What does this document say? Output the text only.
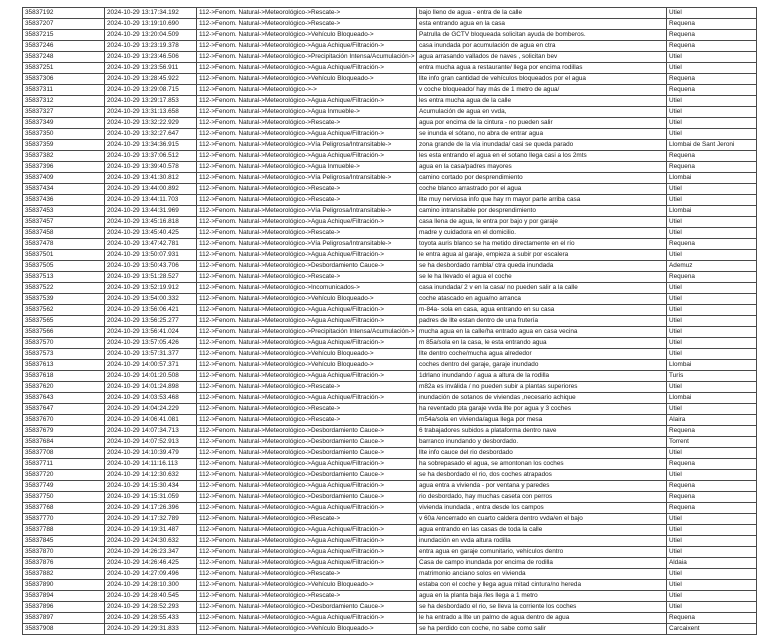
35837192	2024-10-29 13:17:34.192	112->Fenom. Natural->Meteorológico->Rescate->	bajo lleno de agua - entra de la calle	Utiel
35837207	2024-10-29 13:19:10.690	112->Fenom. Natural->Meteorológico->Rescate->	esta entrando agua en la casa	Requena
35837215	2024-10-29 13:20:04.509	112->Fenom. Natural->Meteorológico->Vehículo Bloqueado->	Patrulla de GCTV bloqueada solicitan ayuda de bomberos.	Requena
35837246	2024-10-29 13:23:19.378	112->Fenom. Natural->Meteorológico->Agua Achique/Filtración->	casa inundada por acumulación de agua en ctra	Requena
35837248	2024-10-29 13:23:46.506	112->Fenom. Natural->Meteorológico->Precipitación Intensa/Acumulación->	agua arrasando vallados de naves , solicitan bev	Utiel
35837251	2024-10-29 13:23:56.911	112->Fenom. Natural->Meteorológico->Agua Achique/Filtración->	entra mucha agua a restaurante/ llega por encima rodillas	Utiel
35837306	2024-10-29 13:28:45.922	112->Fenom. Natural->Meteorológico->Vehículo Bloqueado->	llte info gran cantidad de vehículos bloqueados por el agua	Requena
35837311	2024-10-29 13:29:08.715	112->Fenom. Natural->Meteorológico->->	v coche bloqueado/ hay más de 1 metro de agua/	Requena
35837312	2024-10-29 13:29:17.853	112->Fenom. Natural->Meteorológico->Agua Achique/Filtración->	les entra mucha agua de la calle	Utiel
35837327	2024-10-29 13:31:13.658	112->Fenom. Natural->Meteorológico->Agua Inmueble->	Acumulación de agua en vvda,	Utiel
35837349	2024-10-29 13:32:22.929	112->Fenom. Natural->Meteorológico->Rescate->	agua por encima de la cintura - no pueden salir	Utiel
35837350	2024-10-29 13:32:27.647	112->Fenom. Natural->Meteorológico->Agua Achique/Filtración->	se inunda el sótano, no abra de entrar agua	Utiel
35837359	2024-10-29 13:34:36.915	112->Fenom. Natural->Meteorológico->Vía Peligrosa/Intransitable->	zona grande de la vía inundada/ casi se queda parado	Llombai de Sant Jeroni
35837382	2024-10-29 13:37:06.512	112->Fenom. Natural->Meteorológico->Agua Achique/Filtración->	les esta entrando el agua en el sotano llega casi a los 2mts	Requena
35837396	2024-10-29 13:39:40.578	112->Fenom. Natural->Meteorológico->Agua Inmueble->	agua en la casa/padres mayores	Requena
35837409	2024-10-29 13:41:30.812	112->Fenom. Natural->Meteorológico->Vía Peligrosa/Intransitable->	camino cortado por desprendimiento	Llombai
35837434	2024-10-29 13:44:00.892	112->Fenom. Natural->Meteorológico->Rescate->	coche blanco arrastrado por el agua	Utiel
35837436	2024-10-29 13:44:11.703	112->Fenom. Natural->Meteorológico->Rescate->	llte muy nerviosa info que hay rn mayor parte arriba casa	Utiel
35837453	2024-10-29 13:44:31.969	112->Fenom. Natural->Meteorológico->Vía Peligrosa/Intransitable->	camino intransitable por desprendimiento	Llombai
35837457	2024-10-29 13:45:16.818	112->Fenom. Natural->Meteorológico->Agua Achique/Filtración->	casa llena de agua, le entra por bajo y por garaje	Utiel
35837458	2024-10-29 13:45:40.425	112->Fenom. Natural->Meteorológico->Rescate->	madre y cuidadora en el domicilio.	Utiel
35837478	2024-10-29 13:47:42.781	112->Fenom. Natural->Meteorológico->Vía Peligrosa/Intransitable->	toyota auris blanco se ha metido directamente en el río	Requena
35837501	2024-10-29 13:50:07.931	112->Fenom. Natural->Meteorológico->Agua Achique/Filtración->	le entra agua al garaje, empieza a subir por escalera	Utiel
35837505	2024-10-29 13:50:43.706	112->Fenom. Natural->Meteorológico->Desbordamiento Cauce->	se ha desbordado rambla/ ctra queda inundada	Ademuz
35837513	2024-10-29 13:51:28.527	112->Fenom. Natural->Meteorológico->Rescate->	se le ha llevado el agua el coche	Requena
35837522	2024-10-29 13:52:19.912	112->Fenom. Natural->Meteorológico->Incomunicados->	casa inundada/ 2 v en la casa/ no pueden salir a la calle	Utiel
35837539	2024-10-29 13:54:00.332	112->Fenom. Natural->Meteorológico->Vehículo Bloqueado->	coche atascado en agua/no arranca	Utiel
35837562	2024-10-29 13:56:06.421	112->Fenom. Natural->Meteorológico->Agua Achique/Filtración->	m-84a- sola en casa, agua entrando en su casa	Utiel
35837565	2024-10-29 13:56:25.277	112->Fenom. Natural->Meteorológico->Agua Achique/Filtración->	padres de llte estan dentro de una frutería	Utiel
35837566	2024-10-29 13:56:41.024	112->Fenom. Natural->Meteorológico->Precipitación Intensa/Acumulación->	mucha agua en la calle/ha entrado agua en casa vecina	Utiel
35837570	2024-10-29 13:57:05.426	112->Fenom. Natural->Meteorológico->Agua Achique/Filtración->	m 85a/sola en la casa, le esta entrando agua	Utiel
35837573	2024-10-29 13:57:31.377	112->Fenom. Natural->Meteorológico->Vehículo Bloqueado->	llte dentro coche/mucha agua alrededor	Utiel
35837613	2024-10-29 14:00:57.371	112->Fenom. Natural->Meteorológico->Vehículo Bloqueado->	coches dentro del garaje, garaje inundado	Llombai
35837618	2024-10-29 14:01:20.508	112->Fenom. Natural->Meteorológico->Agua Achique/Filtración->	1drlano inundando / agua a altura de la rodilla	Turís
35837620	2024-10-29 14:01:24.898	112->Fenom. Natural->Meteorológico->Rescate->	m82a es inválida / no pueden subir a plantas superiores	Utiel
35837643	2024-10-29 14:03:53.468	112->Fenom. Natural->Meteorológico->Agua Achique/Filtración->	inundación de sotanos de viviendas ,necesario achique	Llombai
35837647	2024-10-29 14:04:24.229	112->Fenom. Natural->Meteorológico->Rescate->	ha reventado pta garaje vvda llte por agua y 3 coches	Utiel
35837670	2024-10-29 14:06:41.081	112->Fenom. Natural->Meteorológico->Rescate->	m54a/sola en vivienda/agua llega por mesa	Alaira
35837679	2024-10-29 14:07:34.713	112->Fenom. Natural->Meteorológico->Desbordamiento Cauce->	6 trabajadores subidos a plataforma dentro nave	Requena
35837684	2024-10-29 14:07:52.913	112->Fenom. Natural->Meteorológico->Desbordamiento Cauce->	barranco inundando y desbordado.	Torrent
35837708	2024-10-29 14:10:39.479	112->Fenom. Natural->Meteorológico->Desbordamiento Cauce->	llte info cauce del rio desbordado	Utiel
35837711	2024-10-29 14:11:16.113	112->Fenom. Natural->Meteorológico->Agua Achique/Filtración->	ha sobrepasado el agua, se amontonan los coches	Requena
35837720	2024-10-29 14:12:30.632	112->Fenom. Natural->Meteorológico->Desbordamiento Cauce->	se ha desbordado el rio, dos coches atrapados	Utiel
35837749	2024-10-29 14:15:30.434	112->Fenom. Natural->Meteorológico->Agua Achique/Filtración->	agua entra a vivienda - por ventana y paredes	Requena
35837750	2024-10-29 14:15:31.059	112->Fenom. Natural->Meteorológico->Desbordamiento Cauce->	rio desbordado, hay muchas caseta con perros	Requena
35837768	2024-10-29 14:17:26.396	112->Fenom. Natural->Meteorológico->Agua Achique/Filtración->	vivienda inundada , entra desde los campos	Requena
35837770	2024-10-29 14:17:32.789	112->Fenom. Natural->Meteorológico->Rescate->	v 60a /encerrado en cuarto caldera dentro vvda/en el bajo	Utiel
35837788	2024-10-29 14:19:31.487	112->Fenom. Natural->Meteorológico->Agua Achique/Filtración->	agua entrando en las casas de toda la calle	Utiel
35837845	2024-10-29 14:24:30.632	112->Fenom. Natural->Meteorológico->Agua Achique/Filtración->	inundación en vvda altura rodilla	Utiel
35837870	2024-10-29 14:26:23.347	112->Fenom. Natural->Meteorológico->Agua Achique/Filtración->	entra agua en garaje comunitario, vehículos dentro	Utiel
35837876	2024-10-29 14:26:46.425	112->Fenom. Natural->Meteorológico->Agua Achique/Filtración->	Casa de campo inundada por encima de rodilla	Aldaia
35837882	2024-10-29 14:27:09.496	112->Fenom. Natural->Meteorológico->Rescate->	matrimonio anciano solos en vivienda	Utiel
35837890	2024-10-29 14:28:10.300	112->Fenom. Natural->Meteorológico->Vehículo Bloqueado->	estaba con el coche y llega agua mitad cintura/no hereda	Utiel
35837894	2024-10-29 14:28:40.545	112->Fenom. Natural->Meteorológico->Rescate->	agua en la planta baja /les llega a 1 metro	Utiel
35837896	2024-10-29 14:28:52.293	112->Fenom. Natural->Meteorológico->Desbordamiento Cauce->	se ha desbordado el rio, se lleva la corriente los coches	Utiel
35837897	2024-10-29 14:28:55.433	112->Fenom. Natural->Meteorológico->Agua Achique/Filtración->	le ha entrado a llte un palmo de agua dentro de agua	Requena
35837908	2024-10-29 14:29:31.833	112->Fenom. Natural->Meteorológico->Vehículo Bloqueado->	se ha perdido con coche, no sabe como salir	Carcaixent
